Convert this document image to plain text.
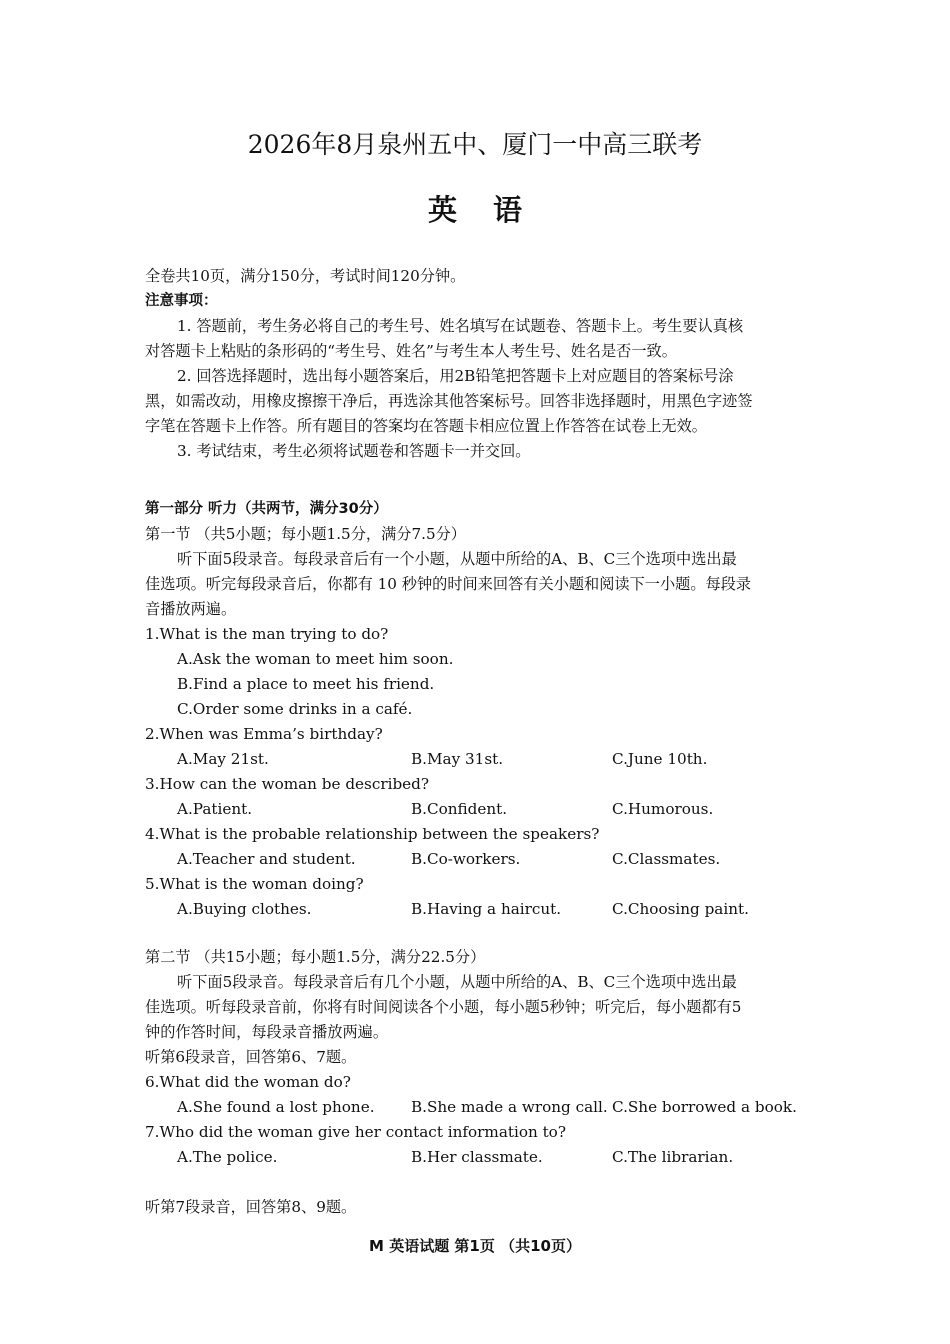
2026年8月泉州五中、厦门一中高三联考
英语
全卷共10页，满分150分，考试时间120分钟。
注意事项：
1. 答题前，考生务必将自己的考生号、姓名填写在试题卷、答题卡上。考生要认真核
对答题卡上粘贴的条形码的“考生号、姓名”与考生本人考生号、姓名是否一致。
2. 回答选择题时，选出每小题答案后，用2B铅笔把答题卡上对应题目的答案标号涂
黑，如需改动，用橡皮擦擦干净后，再选涂其他答案标号。回答非选择题时，用黑色字迹签
字笔在答题卡上作答。所有题目的答案均在答题卡相应位置上作答答在试卷上无效。
3. 考试结束，考生必须将试题卷和答题卡一并交回。
第一部分 听力（共两节，满分30分）
第一节 （共5小题；每小题1.5分，满分7.5分）
听下面5段录音。每段录音后有一个小题，从题中所给的A、B、C三个选项中选出最
佳选项。听完每段录音后，你都有 10 秒钟的时间来回答有关小题和阅读下一小题。每段录
音播放两遍。
1.What is the man trying to do?
A.Ask the woman to meet him soon.
B.Find a place to meet his friend.
C.Order some drinks in a café.
2.When was Emma’s birthday?
A.May 21st.	B.May 31st.	C.June 10th.
3.How can the woman be described?
A.Patient.	B.Confident.	C.Humorous.
4.What is the probable relationship between the speakers?
A.Teacher and student.	B.Co-workers.	C.Classmates.
5.What is the woman doing?
A.Buying clothes.	B.Having a haircut.	C.Choosing paint.
第二节 （共15小题；每小题1.5分，满分22.5分）
听下面5段录音。每段录音后有几个小题，从题中所给的A、B、C三个选项中选出最
佳选项。听每段录音前，你将有时间阅读各个小题，每小题5秒钟；听完后，每小题都有5
钟的作答时间，每段录音播放两遍。
听第6段录音，回答第6、7题。
6.What did the woman do?
A.She found a lost phone. B.She made a wrong call. C.She borrowed a book.
7.Who did the woman give her contact information to?
A.The police.	B.Her classmate.	C.The librarian.
听第7段录音，回答第8、9题。
M 英语试题 第1页 （共10页）
